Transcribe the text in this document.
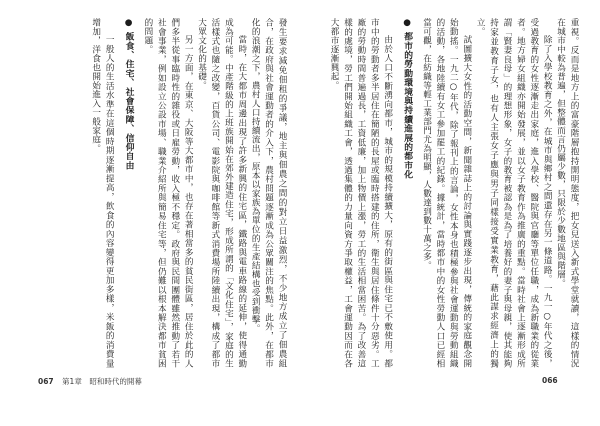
重視。反而是地方上的富豪階層抱持開明態度，把女兒送入新式學堂就讀，這樣的情況在城市中較為普遍，但整體而言仍屬少數，只限於少數地區與階層。

除了入學校教育之外，在城市與鄉村之間還存在另一條道路。一九一○年代之後，受過教育的女性逐漸走出家庭，進入學校、醫院與官廳等單位任職，成為新職業的從業者。地方婦女組織亦開始發展，並以女子教育作為推廣的重點。當時社會上逐漸形成所謂「賢妻良母」的理想形象，女子的教育被認為是為了培養好的妻子與母親，使其能夠持家並教育子女，也有人主張女子應與男子同樣接受實業教育，藉此謀求經濟上的獨立。

試圖擴大女性的活動空間，新聞雜誌上的討論與實踐逐步出現，傳統的家庭觀念開始動搖。一九二○年代，除了報刊上的言論，女性本身也積極參與社會運動與勞動組織的活動，各地陸續有女工參加罷工的紀錄。據統計，當時都市中的女性勞動人口已經相當可觀，在紡織等輕工業部門尤為明顯，人數達到數十萬之多。

● 都市的勞動環境與持續進展的都市化

由於人口不斷湧向都市，城市的規模持續擴大，原有的街區與住宅已不敷使用。都市中的勞動者多半居住在簡陋的長屋或臨時搭建的住所，衛生與居住條件十分惡劣。工廠的勞動時間普遍過長，工資低廉，加上物價上漲，勞工的生活相當困苦。為了改善這樣的處境，勞工們開始組織工會，透過集體的力量向資方爭取權益，工會運動因而在各大都市逐漸興起。

發生要求減免佃租的爭議，地主與佃農之間的對立日益激烈，不少地方成立了佃農組合，在政府與社會運動者的介入下，農村問題逐漸成為公眾關注的焦點。此外，在都市化的浪潮之下，農村人口持續流出，原本以家族為單位的生產結構也受到衝擊。

當時，在大都市周邊出現了許多新興的住宅區，鐵路與電車路線的延伸，使得通勤成為可能。中產階級的上班族開始在郊外建造住宅，形成所謂的「文化住宅」，家庭的生活樣式也隨之改變，百貨公司、電影院與咖啡館等新式消費場所陸續出現，構成了都市大眾文化的基礎。

另一方面，在東京、大阪等大都市中，也存在著相當多的貧民街區，居住於此的人們多半從事臨時性的雜役或日雇勞動，收入極不穩定。政府與民間團體雖然推動了若干社會事業，例如設立公設市場、職業介紹所與簡易住宅等，但仍難以根本解決都市貧困的問題。

● 飯食、住宅、社會保障、信仰自由

一般人的生活水準在這個時期逐漸提高，飲食的內容變得更加多樣，米飯的消費量增加，洋食也開始進入一般家庭。

067 第1章　昭和時代的開幕	066
